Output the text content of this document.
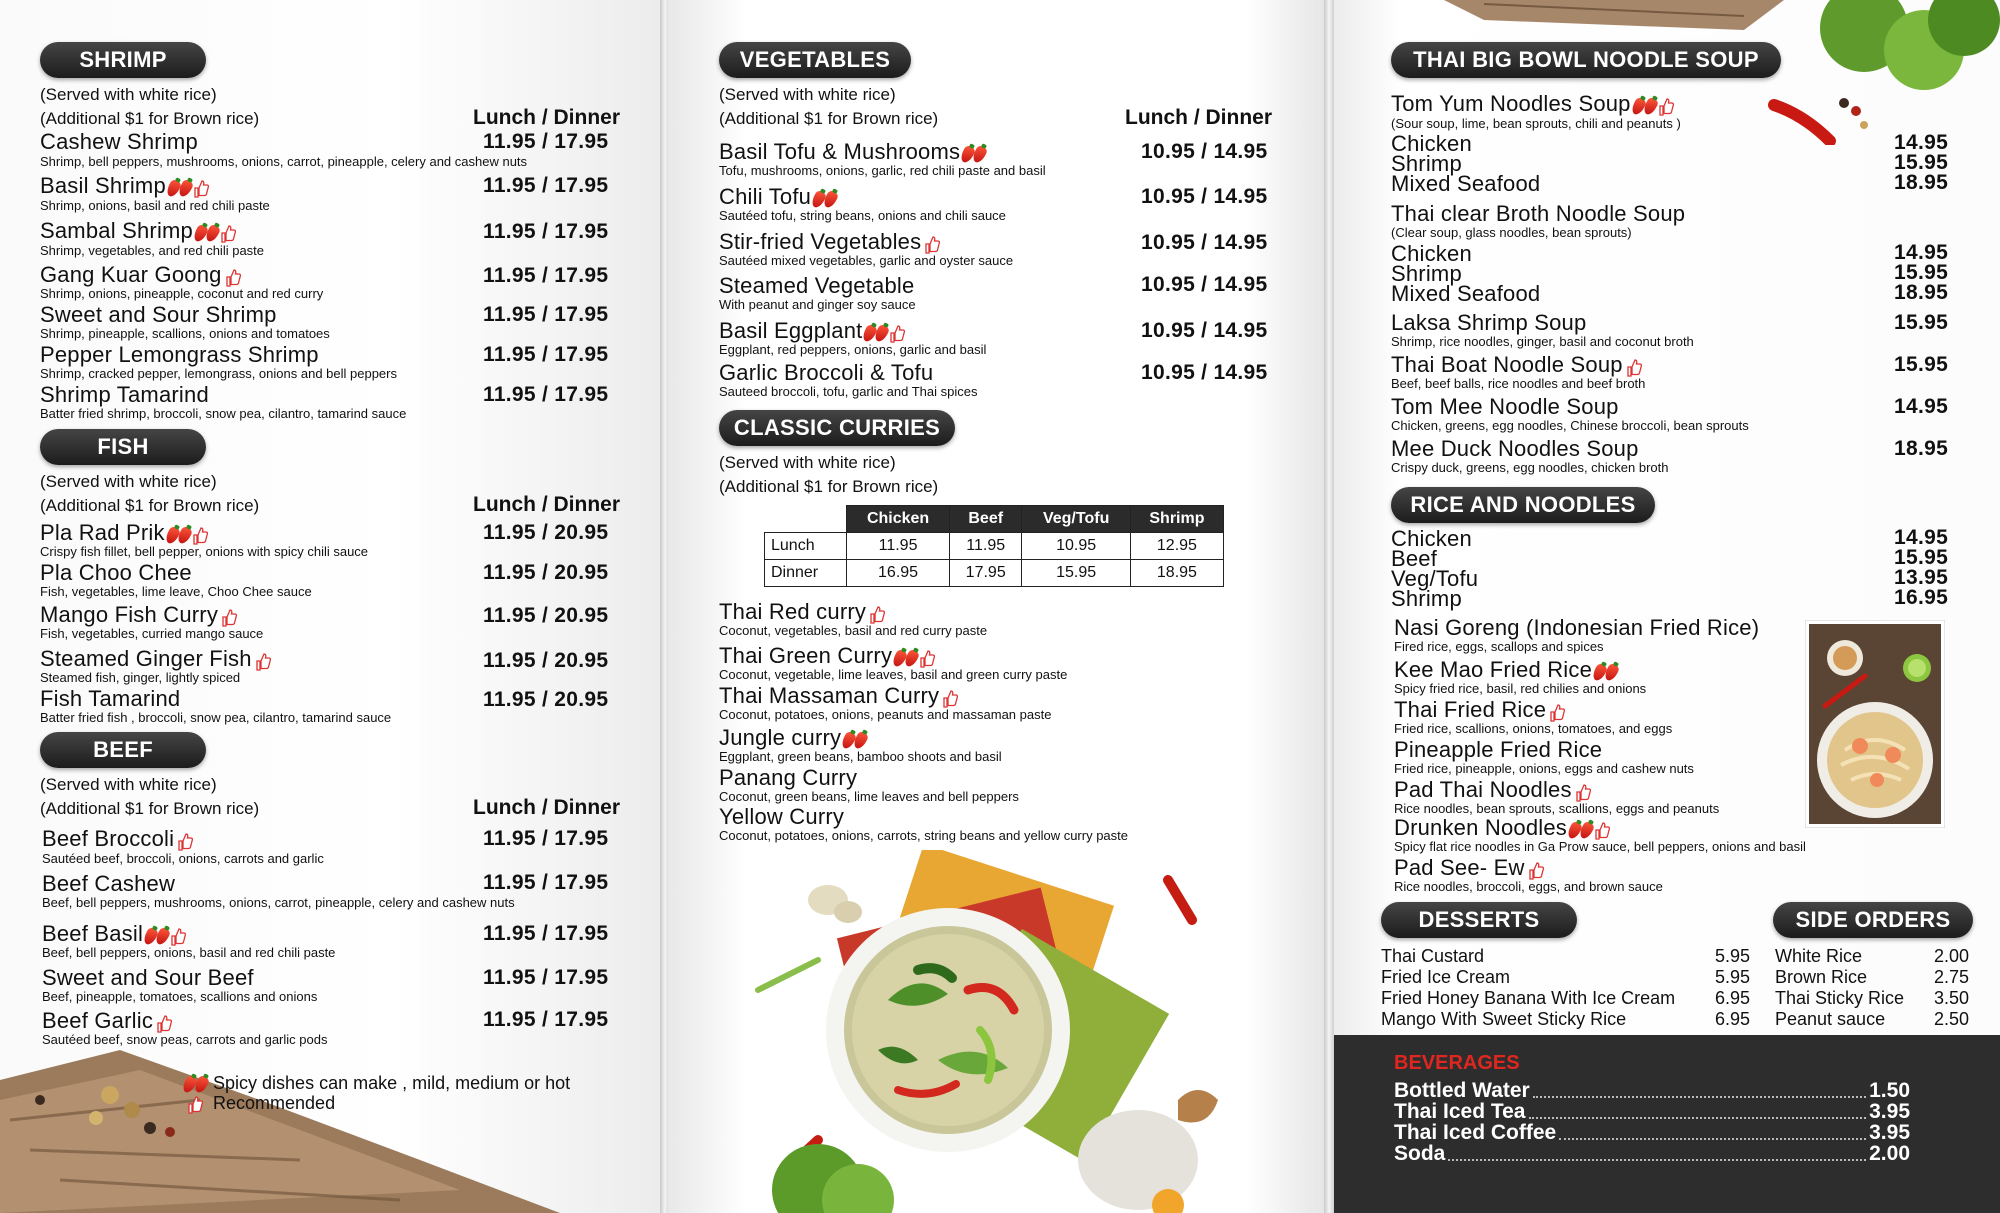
SHRIMP
(Served with white rice)
(Additional $1 for Brown rice)	Lunch / Dinner
Cashew Shrimp
Shrimp, bell peppers, mushrooms, onions, carrot, pineapple, celery and cashew nuts
11.95 / 17.95
Basil Shrimp
Shrimp, onions, basil and red chili paste
11.95 / 17.95
Sambal Shrimp
Shrimp, vegetables, and red chili paste
11.95 / 17.95
Gang Kuar Goong
Shrimp, onions, pineapple, coconut and red curry
11.95 / 17.95
Sweet and Sour Shrimp
Shrimp, pineapple, scallions, onions and tomatoes
11.95 / 17.95
Pepper Lemongrass Shrimp
Shrimp, cracked pepper, lemongrass, onions and bell peppers
11.95 / 17.95
Shrimp Tamarind
Batter fried shrimp, broccoli, snow pea, cilantro, tamarind sauce
11.95 / 17.95
FISH
(Served with white rice)
(Additional $1 for Brown rice)	Lunch / Dinner
Pla Rad Prik
Crispy fish fillet, bell pepper, onions with spicy chili sauce
11.95 / 20.95
Pla Choo Chee
Fish, vegetables, lime leave, Choo Chee sauce
11.95 / 20.95
Mango Fish Curry
Fish, vegetables, curried mango sauce
11.95 / 20.95
Steamed Ginger Fish
Steamed fish, ginger, lightly spiced
11.95 / 20.95
Fish Tamarind
Batter fried fish , broccoli, snow pea, cilantro, tamarind sauce
11.95 / 20.95
BEEF
(Served with white rice)
(Additional $1 for Brown rice)	Lunch / Dinner
Beef Broccoli
Sautéed beef, broccoli, onions, carrots and garlic
11.95 / 17.95
Beef Cashew
Beef, bell peppers, mushrooms, onions, carrot, pineapple, celery and cashew nuts
11.95 / 17.95
Beef Basil
Beef, bell peppers, onions, basil and red chili paste
11.95 / 17.95
Sweet and Sour Beef
Beef, pineapple, tomatoes, scallions and onions
11.95 / 17.95
Beef Garlic
Sautéed beef, snow peas, carrots and garlic pods
11.95 / 17.95
Spicy dishes can make , mild, medium or hot
Recommended
VEGETABLES
(Served with white rice)
(Additional $1 for Brown rice)	Lunch / Dinner
Basil Tofu & Mushrooms
Tofu, mushrooms, onions, garlic, red chili paste and basil
10.95 / 14.95
Chili Tofu
Sautéed tofu, string beans, onions and chili sauce
10.95 / 14.95
Stir-fried Vegetables
Sautéed mixed vegetables, garlic and oyster sauce
10.95 / 14.95
Steamed Vegetable
With peanut and ginger soy sauce
10.95 / 14.95
Basil Eggplant
Eggplant, red peppers, onions, garlic and basil
10.95 / 14.95
Garlic Broccoli & Tofu
Sauteed broccoli, tofu, garlic and Thai spices
10.95 / 14.95
CLASSIC CURRIES
(Served with white rice)
(Additional $1 for Brown rice)
	Chicken	Beef	Veg/Tofu	Shrimp
Lunch	11.95	11.95	10.95	12.95
Dinner	16.95	17.95	15.95	18.95
Thai Red curry
Coconut, vegetables, basil and red curry paste
Thai Green Curry
Coconut, vegetable, lime leaves, basil and green curry paste
Thai Massaman Curry
Coconut, potatoes, onions, peanuts and massaman paste
Jungle curry
Eggplant, green beans, bamboo shoots and basil
Panang Curry
Coconut, green beans, lime leaves and bell peppers
Yellow Curry
Coconut, potatoes, onions, carrots, string beans and yellow curry paste
THAI BIG BOWL NOODLE SOUP
Tom Yum Noodles Soup
(Sour soup, lime, bean sprouts, chili and peanuts )
Chicken	14.95
Shrimp	15.95
Mixed Seafood	18.95
Thai clear Broth Noodle Soup
(Clear soup, glass noodles, bean sprouts)
Chicken	14.95
Shrimp	15.95
Mixed Seafood	18.95
Laksa Shrimp Soup
Shrimp, rice noodles, ginger, basil and coconut broth
15.95
Thai Boat Noodle Soup
Beef, beef balls, rice noodles and beef broth
15.95
Tom Mee Noodle Soup
Chicken, greens, egg noodles, Chinese broccoli, bean sprouts
14.95
Mee Duck Noodles Soup
Crispy duck, greens, egg noodles, chicken broth
18.95
RICE AND NOODLES
Chicken	14.95
Beef	15.95
Veg/Tofu	13.95
Shrimp	16.95
Nasi Goreng (Indonesian Fried Rice)
Fired rice, eggs, scallops and spices
Kee Mao Fried Rice
Spicy fried rice, basil, red chilies and onions
Thai Fried Rice
Fried rice, scallions, onions, tomatoes, and eggs
Pineapple Fried Rice
Fried rice, pineapple, onions, eggs and cashew nuts
Pad Thai Noodles
Rice noodles, bean sprouts, scallions, eggs and peanuts
Drunken Noodles
Spicy flat rice noodles in Ga Prow sauce, bell peppers, onions and basil
Pad See- Ew
Rice noodles, broccoli, eggs, and brown sauce
DESSERTS
Thai Custard	5.95
Fried Ice Cream	5.95
Fried Honey Banana With Ice Cream 6.95
Mango With Sweet Sticky Rice	6.95
SIDE ORDERS
White Rice	2.00
Brown Rice	2.75
Thai Sticky Rice 3.50
Peanut sauce	2.50
BEVERAGES
Bottled Water	1.50
Thai Iced Tea	3.95
Thai Iced Coffee	3.95
Soda	2.00
